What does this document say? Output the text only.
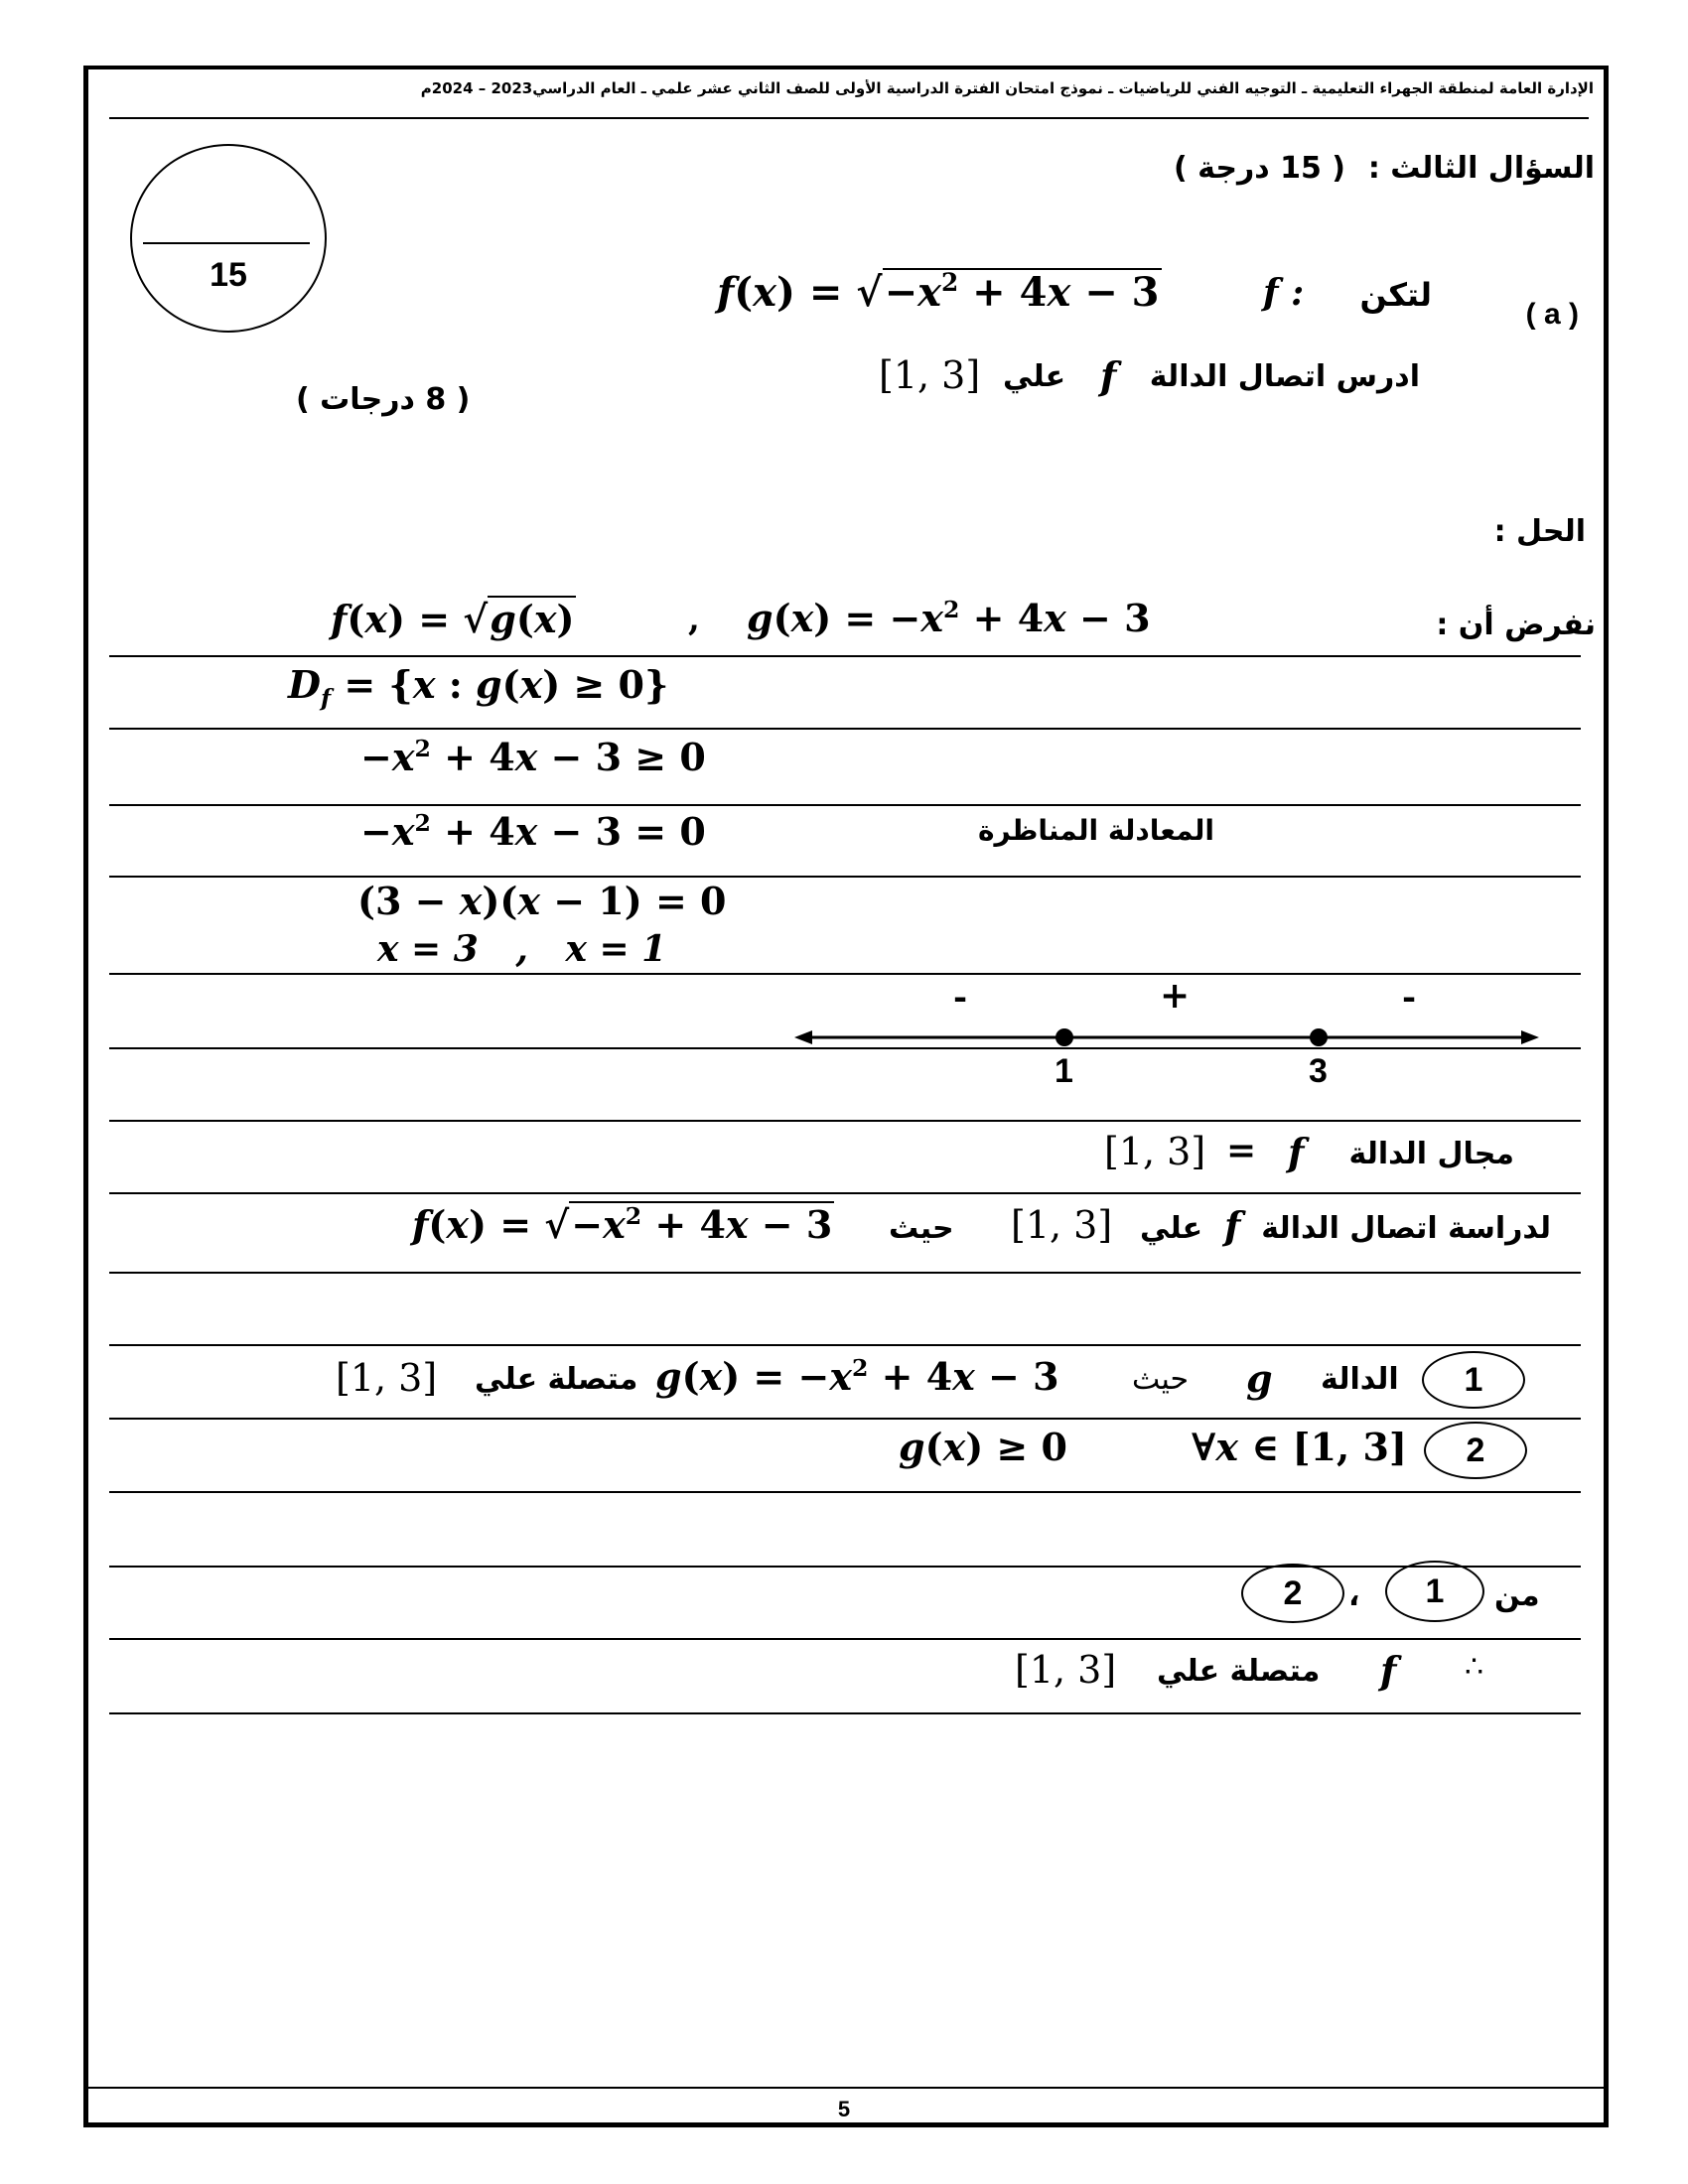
الإدارة العامة لمنطقة الجهراء التعليمية ـ التوجيه الفني للرياضيات ـ نموذج امتحان الفترة الدراسية الأولى للصف الثاني عشر علمي ـ العام الدراسي2023 – 2024م
السؤال الثالث :
( 15 درجة )
15
( a )
لتكن
f :
$f(x) = √-x^2 + 4x - 3$
ادرس اتصال الدالة
f
علي
[1, 3]
( 8 درجات )
الحل :
نفرض أن :
f(x) = √g(x)	, $g(x) = -x^2 + 4x - 3$
$D_f = \{x$ : g(x) ≥ 0}
$-x^2 + 4x - 3 \ge 0$
$-x^2 + 4x - 3 = 0$	المعادلة المناظرة
(3 − x)(x − 1) = 0
x = 3   ,   x = 1
-	+	-
1	3
مجال الدالة
f
=
[1, 3]
لدراسة اتصال الدالة
f
علي
[1, 3]
حيث
$f(x) = √-x^2 + 4x - 3$
1
الدالة
g
حيث
$g(x) = -x^2 + 4x - 3$
متصلة علي
[1, 3]
2
∀x ∈ [1, 3]
g(x) ≥ 0
من
1
،
2
∴
f
متصلة علي
[1, 3]
5
